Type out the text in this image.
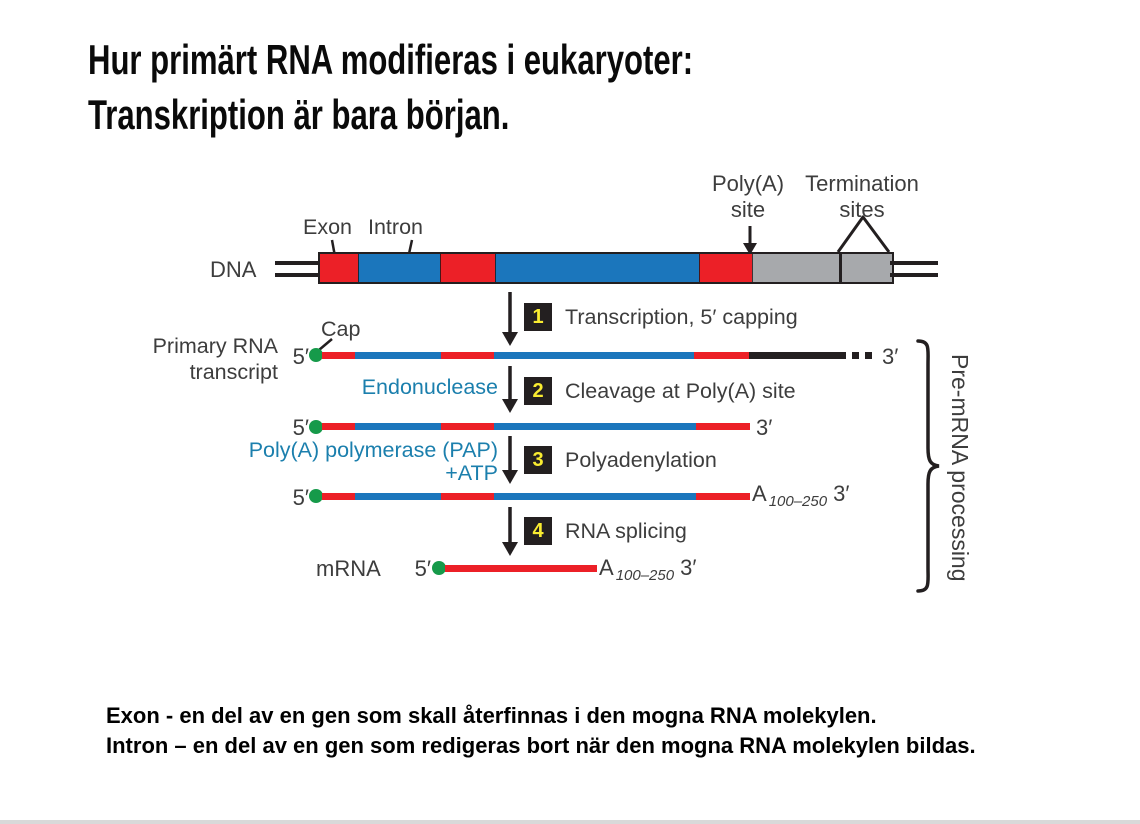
Hur primärt RNA modifieras i eukaryoter:
Transkription är bara början.
DNA
Exon Intron
Poly(A)
site
Termination
sites
1 Transcription, 5′ capping
Primary RNA
transcript
Cap
5′	3′
Endonuclease 2 Cleavage at Poly(A) site
5′	3′
Poly(A) polymerase (PAP)
+ATP
3 Polyadenylation
5′	A 100–250 3′
4 RNA splicing
mRNA	5′	A 100–250 3′	Pre-mRNA processing
Exon - en del av en gen som skall återfinnas i den mogna RNA molekylen.
Intron – en del av en gen som redigeras bort när den mogna RNA molekylen bildas.
